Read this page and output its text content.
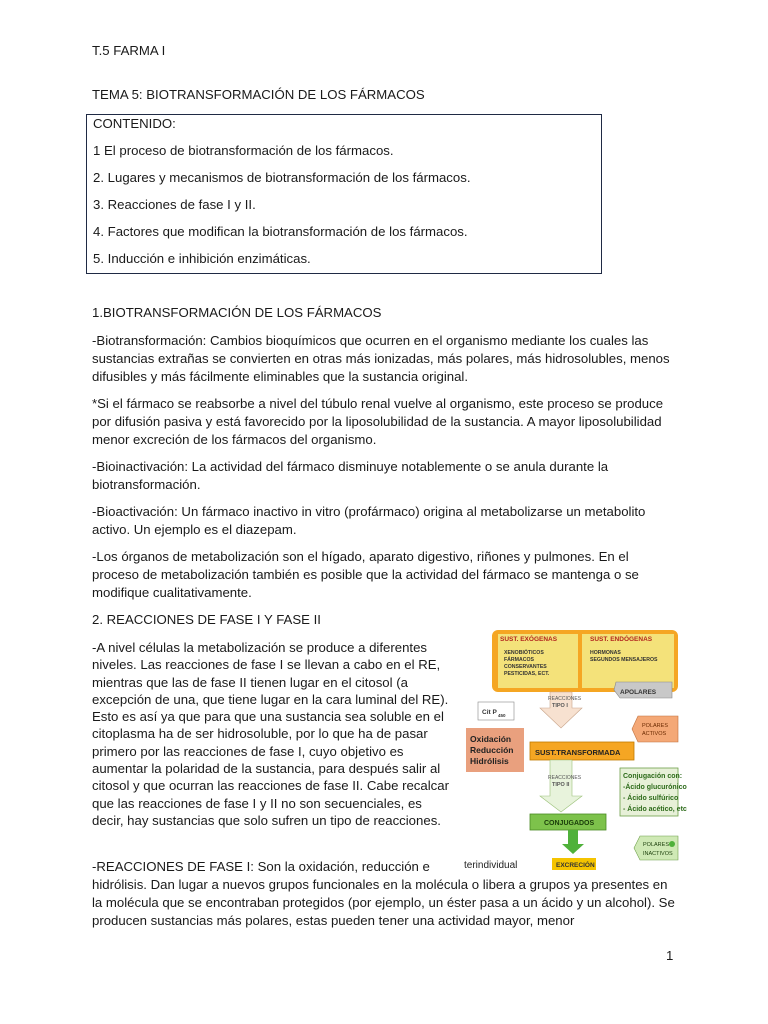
T.5 FARMA I

TEMA 5: BIOTRANSFORMACIÓN DE LOS FÁRMACOS

CONTENIDO:

1 El proceso de biotransformación de los fármacos.

2. Lugares y mecanismos de biotransformación de los fármacos.

3. Reacciones de fase I y II.

4. Factores que modifican la biotransformación de los fármacos.

5. Inducción e inhibición enzimáticas.

1.BIOTRANSFORMACIÓN DE LOS FÁRMACOS

-Biotransformación: Cambios bioquímicos que ocurren en el organismo mediante los cuales las sustancias extrañas se convierten en otras más ionizadas, más polares, más hidrosolubles, menos difusibles y más fácilmente eliminables que la sustancia original.

*Si el fármaco se reabsorbe a nivel del túbulo renal vuelve al organismo, este proceso se produce por difusión pasiva y está favorecido por la liposolubilidad de la sustancia. A mayor liposolubilidad menor excreción de los fármacos del organismo.

-Bioinactivación: La actividad del fármaco disminuye notablemente o se anula durante la biotransformación.

-Bioactivación: Un fármaco inactivo in vitro (profármaco) origina al metabolizarse un metabolito activo. Un ejemplo es el diazepam.

-Los órganos de metabolización son el hígado, aparato digestivo, riñones y pulmones. En el proceso de metabolización también es posible que la actividad del fármaco se mantenga o se modifique cualitativamente.

2. REACCIONES DE FASE I Y FASE II

-A nivel células la metabolización se produce a diferentes niveles. Las reacciones de fase I se llevan a cabo en el RE, mientras que las de fase II tienen lugar en el citosol (a excepción de una, que tiene lugar en la cara luminal del RE). Esto es así ya que para que una sustancia sea soluble en el citoplasma ha de ser hidrosoluble, por lo que ha de pasar primero por las reacciones de fase I, cuyo objetivo es aumentar la polaridad de la sustancia, para después salir al citosol y que ocurran las reacciones de fase II. Cabe recalcar que las reacciones de fase I y II no son secuenciales, es decir, hay sustancias que solo sufren un tipo de reacciones.

-REACCIONES DE FASE I: Son la oxidación, reducción e
hidrólisis. Dan lugar a nuevos grupos funcionales en la molécula o libera a grupos ya presentes en la molécula que se encontraban protegidos (por ejemplo, un éster pasa a un ácido y un alcohol). Se producen sustancias más polares, estas pueden tener una actividad mayor, menor

SUST. EXÓGENAS
XENOBIÓTICOS
FÁRMACOS
CONSERVANTES
PESTICIDAS, ECT.
SUST. ENDÓGENAS
HORMONAS
SEGUNDOS MENSAJEROS
APOLARES
REACCIONES
TIPO I
Cit P 450
POLARES
ACTIVOS
Oxidación
Reducción
Hidrólisis
SUST.TRANSFORMADA
REACCIONES
TIPO II
Conjugación con:
-Ácido glucurónico
- Ácido sulfúrico
- Ácido acético, etc
CONJUGADOS
POLARES
INACTIVOS
EXCRECIÓN
terindividual
1
